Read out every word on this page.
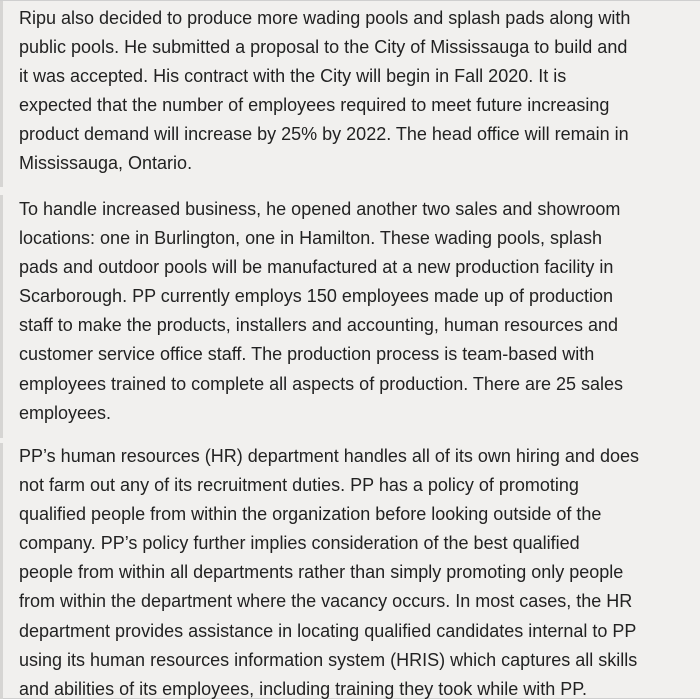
Ripu also decided to produce more wading pools and splash pads along with
public pools. He submitted a proposal to the City of Mississauga to build and
it was accepted. His contract with the City will begin in Fall 2020. It is
expected that the number of employees required to meet future increasing
product demand will increase by 25% by 2022. The head office will remain in
Mississauga, Ontario.

To handle increased business, he opened another two sales and showroom
locations: one in Burlington, one in Hamilton. These wading pools, splash
pads and outdoor pools will be manufactured at a new production facility in
Scarborough. PP currently employs 150 employees made up of production
staff to make the products, installers and accounting, human resources and
customer service office staff. The production process is team-based with
employees trained to complete all aspects of production. There are 25 sales
employees.

PP’s human resources (HR) department handles all of its own hiring and does
not farm out any of its recruitment duties. PP has a policy of promoting
qualified people from within the organization before looking outside of the
company. PP’s policy further implies consideration of the best qualified
people from within all departments rather than simply promoting only people
from within the department where the vacancy occurs. In most cases, the HR
department provides assistance in locating qualified candidates internal to PP
using its human resources information system (HRIS) which captures all skills
and abilities of its employees, including training they took while with PP.
